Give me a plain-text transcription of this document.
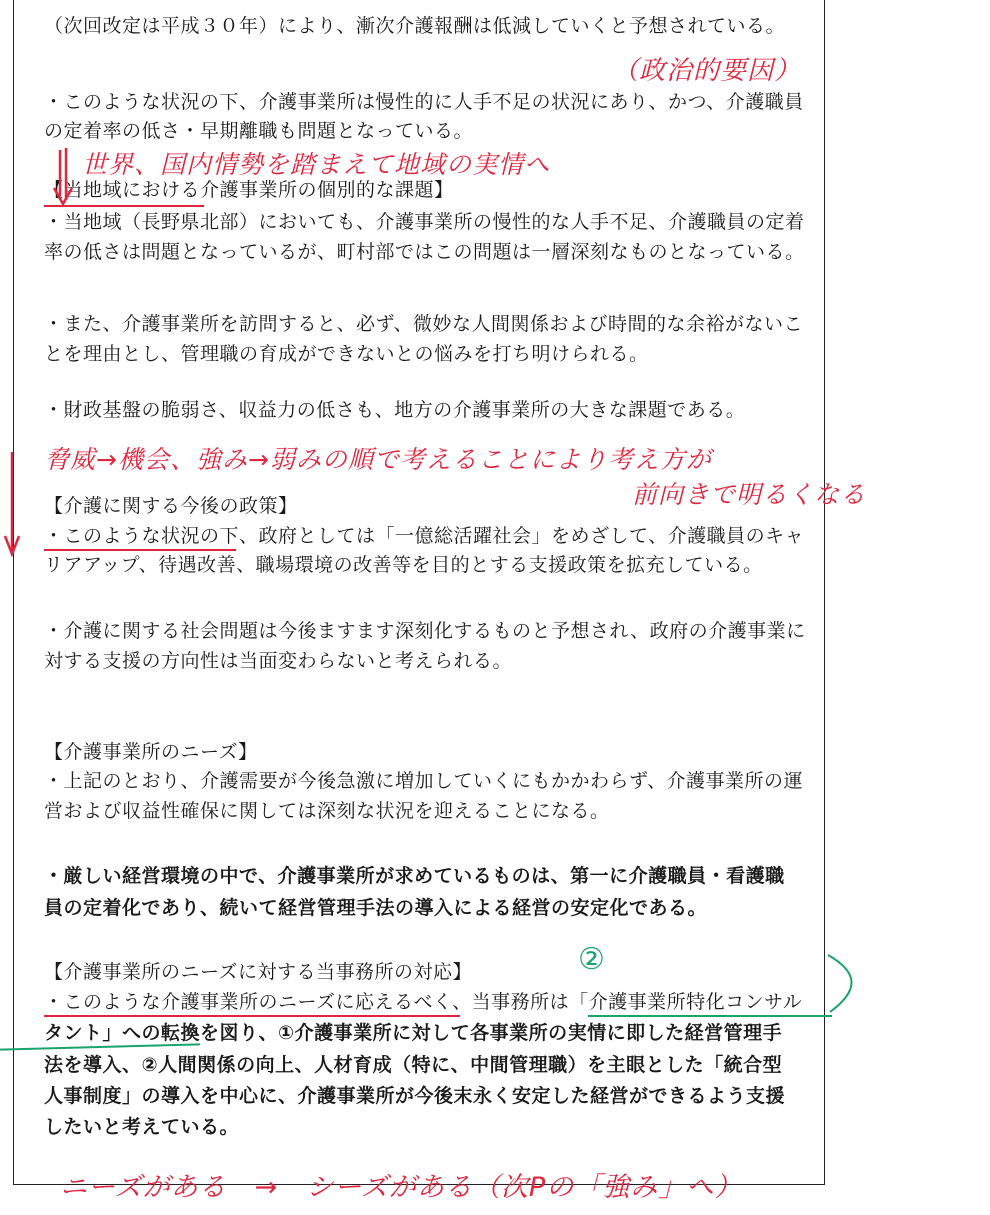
（次回改定は平成３０年）により、漸次介護報酬は低減していくと予想されている。
・このような状況の下、介護事業所は慢性的に人手不足の状況にあり、かつ、介護職員
の定着率の低さ・早期離職も問題となっている。
【当地域における介護事業所の個別的な課題】
・当地域（長野県北部）においても、介護事業所の慢性的な人手不足、介護職員の定着
率の低さは問題となっているが、町村部ではこの問題は一層深刻なものとなっている。
・また、介護事業所を訪問すると、必ず、微妙な人間関係および時間的な余裕がないこ
とを理由とし、管理職の育成ができないとの悩みを打ち明けられる。
・財政基盤の脆弱さ、収益力の低さも、地方の介護事業所の大きな課題である。
【介護に関する今後の政策】
・このような状況の下、政府としては「一億総活躍社会」をめざして、介護職員のキャ
リアアップ、待遇改善、職場環境の改善等を目的とする支援政策を拡充している。
・介護に関する社会問題は今後ますます深刻化するものと予想され、政府の介護事業に
対する支援の方向性は当面変わらないと考えられる。
【介護事業所のニーズ】
・上記のとおり、介護需要が今後急激に増加していくにもかかわらず、介護事業所の運
営および収益性確保に関しては深刻な状況を迎えることになる。
・厳しい経営環境の中で、介護事業所が求めているものは、第一に介護職員・看護職
員の定着化であり、続いて経営管理手法の導入による経営の安定化である。
【介護事業所のニーズに対する当事務所の対応】
・このような介護事業所のニーズに応えるべく、当事務所は「介護事業所特化コンサル
タント」への転換を図り、①介護事業所に対して各事業所の実情に即した経営管理手
法を導入、②人間関係の向上、人材育成（特に、中間管理職）を主眼とした「統合型
人事制度」の導入を中心に、介護事業所が今後末永く安定した経営ができるよう支援
したいと考えている。
（政治的要因）
世界、国内情勢を踏まえて地域の実情へ
脅威→機会、強み→弱みの順で考えることにより考え方が
前向きで明るくなる
②
ニーズがある　→　シーズがある（次Pの「強み」へ）
